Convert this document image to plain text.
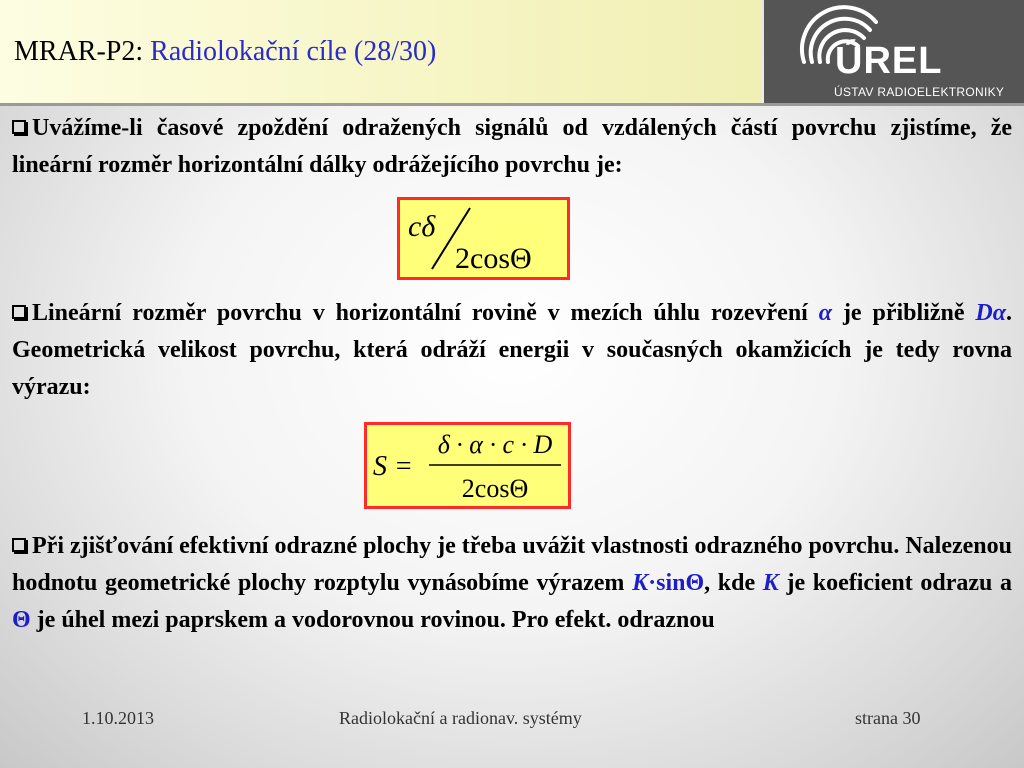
MRAR-P2: Radiolokační cíle (28/30)	ÚREL
ÚSTAV RADIOELEKTRONIKY
Uvážíme-li časové zpoždění odražených signálů od vzdálených částí povrchu zjistíme, že lineární rozměr horizontální dálky odrážejícího povrchu je:
cδ
2cosΘ
Lineární rozměr povrchu v horizontální rovině v mezích úhlu rozevření α je přibližně Dα. Geometrická velikost povrchu, která odráží energii v současných okamžicích je tedy rovna výrazu:
S =
δ · α · c · D
2cosΘ
Při zjišťování efektivní odrazné plochy je třeba uvážit vlastnosti odrazného povrchu. Nalezenou hodnotu geometrické plochy rozptylu vynásobíme výrazem K·sinΘ, kde K je koeficient odrazu a Θ je úhel mezi paprskem a vodorovnou rovinou. Pro efekt. odraznou
1.10.2013	Radiolokační a radionav. systémy	strana 30
